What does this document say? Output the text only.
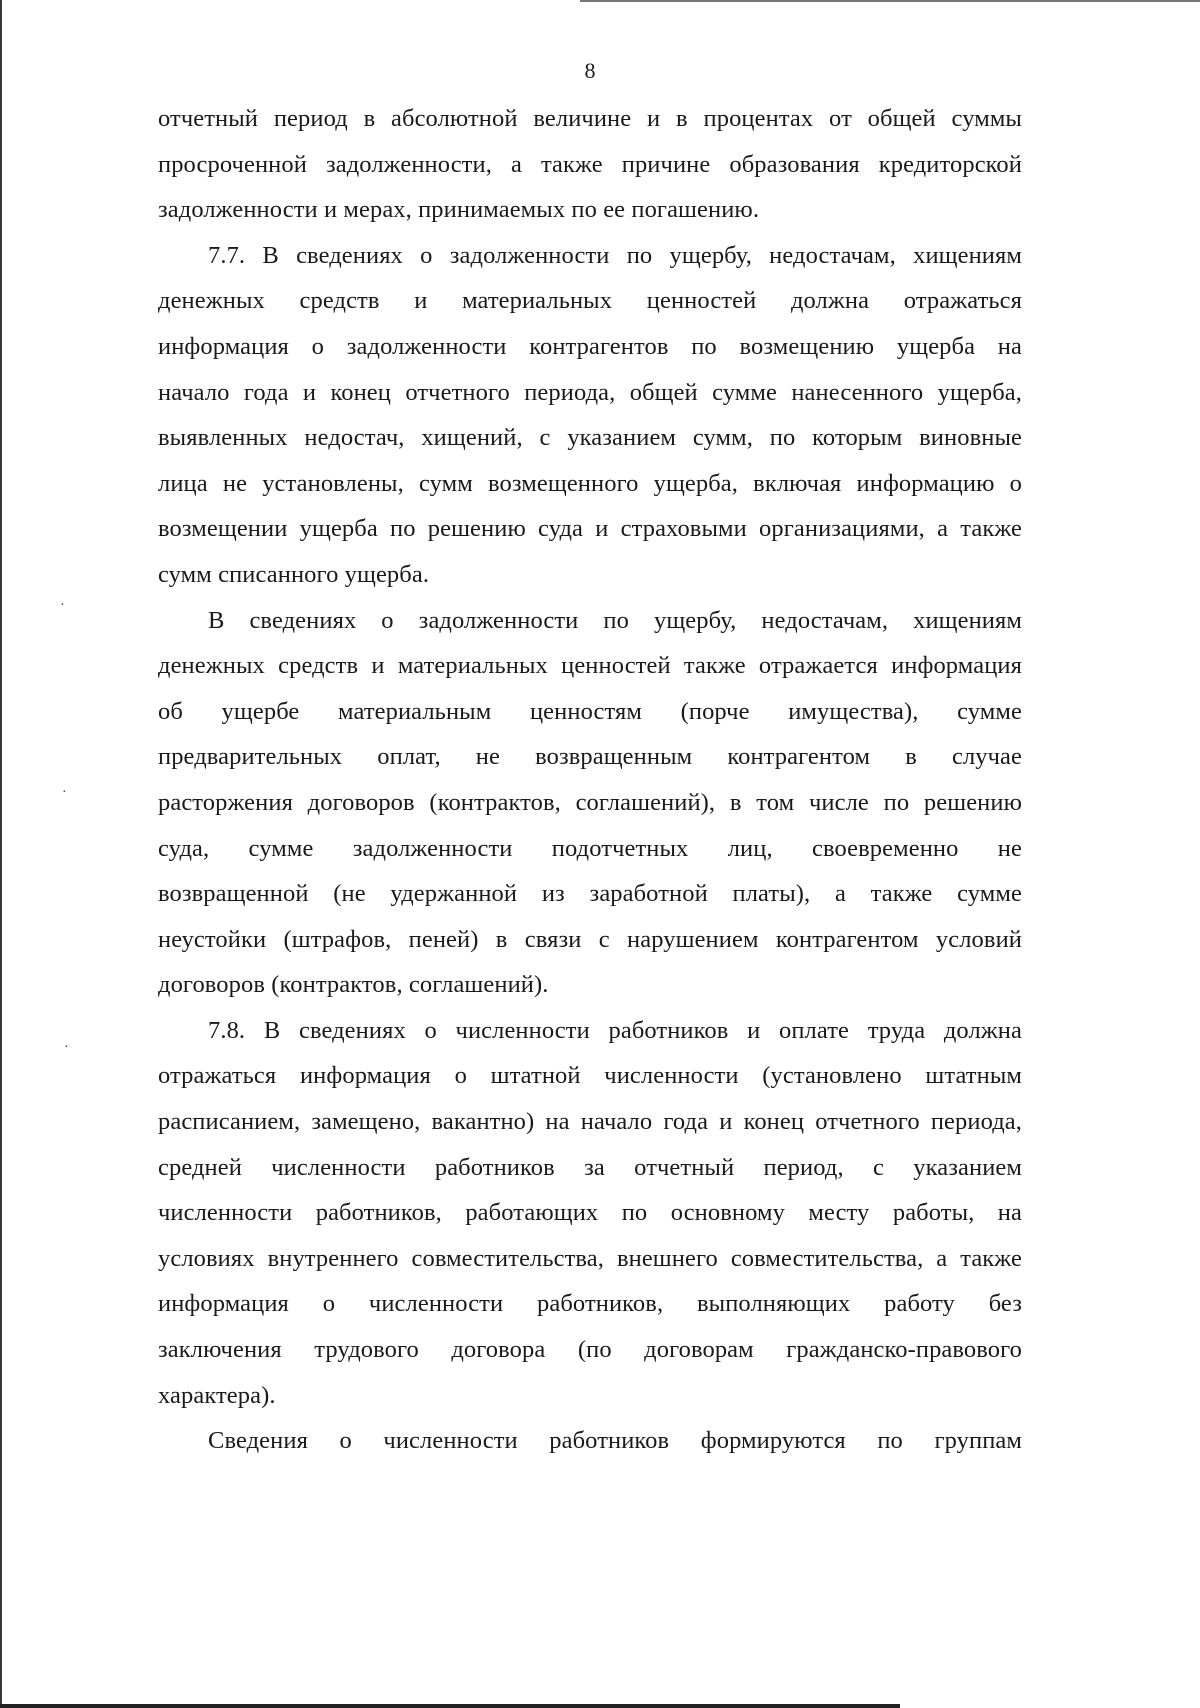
·
·
·
8
отчетный период в абсолютной величине и в процентах от общей суммы
просроченной задолженности, а также причине образования кредиторской
задолженности и мерах, принимаемых по ее погашению.
7.7. В сведениях о задолженности по ущербу, недостачам, хищениям
денежных средств и материальных ценностей должна отражаться
информация о задолженности контрагентов по возмещению ущерба на
начало года и конец отчетного периода, общей сумме нанесенного ущерба,
выявленных недостач, хищений, с указанием сумм, по которым виновные
лица не установлены, сумм возмещенного ущерба, включая информацию о
возмещении ущерба по решению суда и страховыми организациями, а также
сумм списанного ущерба.
В сведениях о задолженности по ущербу, недостачам, хищениям
денежных средств и материальных ценностей также отражается информация
об ущербе материальным ценностям (порче имущества), сумме
предварительных оплат, не возвращенным контрагентом в случае
расторжения договоров (контрактов, соглашений), в том числе по решению
суда, сумме задолженности подотчетных лиц, своевременно не
возвращенной (не удержанной из заработной платы), а также сумме
неустойки (штрафов, пеней) в связи с нарушением контрагентом условий
договоров (контрактов, соглашений).
7.8. В сведениях о численности работников и оплате труда должна
отражаться информация о штатной численности (установлено штатным
расписанием, замещено, вакантно) на начало года и конец отчетного периода,
средней численности работников за отчетный период, с указанием
численности работников, работающих по основному месту работы, на
условиях внутреннего совместительства, внешнего совместительства, а также
информация о численности работников, выполняющих работу без
заключения трудового договора (по договорам гражданско-правового
характера).
Сведения о численности работников формируются по группам
